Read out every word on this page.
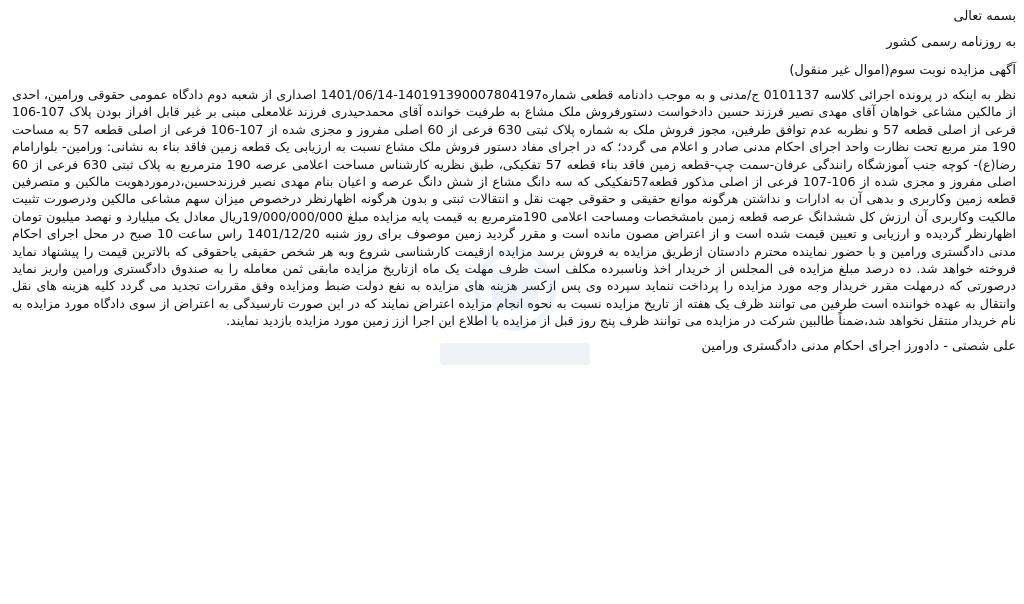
بسمه تعالی

به روزنامه رسمی کشور

آگهی مزایده نوبت سوم(اموال غیر منقول)

نظر به اینکه در پرونده اجرائی کلاسه 0101137 ج/مدنی و به موجب دادنامه قطعی شماره140191390007804197-1401/06/14 اصداری از شعبه دوم دادگاه عمومی حقوقی ورامین، احدی از مالکین مشاعی خواهان آقای مهدی نصیر فرزند حسین دادخواست دستورفروش ملک مشاع به طرفیت خوانده آقای محمدحیدری فرزند غلامعلی مبنی بر غیر قابل افراز بودن پلاک 107-106 فرعی از اصلی قطعه 57 و نظربه عدم توافق طرفین، مجوز فروش ملک به شماره پلاک ثبتی 630 فرعی از 60 اصلی مفروز و مجزی شده از 107-106 فرعی از اصلی قطعه 57 به مساحت 190 متر مربع تحت نظارت واحد اجرای احکام مدنی صادر و اعلام می گردد؛ که در اجرای مفاد دستور فروش ملک مشاع نسبت به ارزیابی یک قطعه زمین فاقد بناء به نشانی: ورامین- بلوارامام رضا(ع)- کوچه جنب آموزشگاه رانندگی عرفان-سمت چپ-قطعه زمین فاقد بناء قطعه 57 تفکیکی، طبق نظریه کارشناس مساحت اعلامی عرصه 190 مترمربع به پلاک ثبتی 630 فرعی از 60 اصلی مفروز و مجزی شده از 106-107 فرعی از اصلی مذکور قطعه57تفکیکی که سه دانگ مشاع از شش دانگ عرصه و اعیان بنام مهدی نصیر فرزندحسین،درموردهویت مالکین و متصرفین قطعه زمین وکاربری و بدهی آن به ادارات و نداشتن هرگونه موانع حقیقی و حقوقی جهت نقل و انتقالات ثبتی و بدون هرگونه اظهارنظر درخصوص میزان سهم مشاعی مالکین ودرصورت تثبیت مالکیت وکاربری آن ارزش کل ششدانگ عرصه قطعه زمین بامشخصات ومساحت اعلامی 190مترمربع به قیمت پایه مزایده مبلغ 19/000/000/000ریال معادل یک میلیارد و نهصد میلیون تومان اظهارنظر گردیده و ارزیابی و تعیین قیمت شده است و از اعتراض مصون مانده است و مقرر گردید زمین موصوف برای روز شنبه 1401/12/20 راس ساعت 10 صبح در محل اجرای احکام مدنی دادگستری ورامین و با حضور نماینده محترم دادستان ازطریق مزایده به فروش برسد مزایده ازقیمت کارشناسی شروع وبه هر شخص حقیقی یاحقوقی که بالاترین قیمت را پیشنهاد نماید فروخته خواهد شد. ده درصد مبلغ مزایده فی المجلس از خریدار اخذ وناسبرده مکلف است ظرف مهلت یک ماه ازتاریخ مزایده مابقی ثمن معامله را به صندوق دادگستری ورامین واریز نماید درصورتی که درمهلت مقرر خریدار وجه مورد مزایده را پرداخت ننماید سپرده وی پس ازکسر هزینه های مزایده به نفع دولت ضبط ومزایده وفق مقررات تجدید می گردد کلیه هزینه های نقل وانتقال به عهده خواننده است طرفین می توانند ظرف یک هفته از تاریخ مزایده نسبت به نحوه انجام مزایده اعتراض نمایند که در این صورت تارسیدگی به اعتراض از سوی دادگاه مورد مزایده به نام خریدار منتقل نخواهد شد،ضمناً طالبین شرکت در مزایده می توانند ظرف پنج روز قبل از مزایده با اطلاع این اجرا ازز زمین مورد مزایده بازدید نمایند.

علی شصتی - دادورز اجرای احکام مدنی دادگستری ورامین
